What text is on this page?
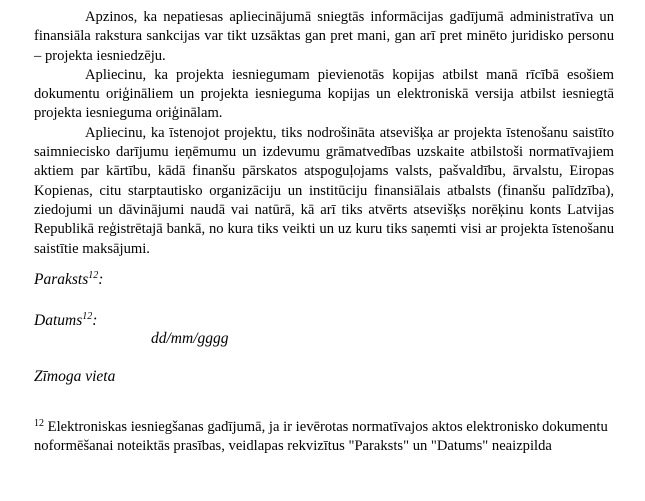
Apzinos, ka nepatiesas apliecinājumā sniegtās informācijas gadījumā administratīva un finansiāla rakstura sankcijas var tikt uzsāktas gan pret mani, gan arī pret minēto juridisko personu – projekta iesniedzēju.

Apliecinu, ka projekta iesniegumam pievienotās kopijas atbilst manā rīcībā esošiem dokumentu oriģināliem un projekta iesnieguma kopijas un elektroniskā versija atbilst iesniegtā projekta iesnieguma oriģinālam.

Apliecinu, ka īstenojot projektu, tiks nodrošināta atsevišķa ar projekta īstenošanu saistīto saimniecisko darījumu ieņēmumu un izdevumu grāmatvedības uzskaite atbilstoši normatīvajiem aktiem par kārtību, kādā finanšu pārskatos atspoguļojams valsts, pašvaldību, ārvalstu, Eiropas Kopienas, citu starptautisko organizāciju un institūciju finansiālais atbalsts (finanšu palīdzība), ziedojumi un dāvinājumi naudā vai natūrā, kā arī tiks atvērts atsevišķs norēķinu konts Latvijas Republikā reģistrētajā bankā, no kura tiks veikti un uz kuru tiks saņemti visi ar projekta īstenošanu saistītie maksājumi.

Paraksts$^{12}$:
Datums$^{12}$:
dd/mm/gggg
Zīmoga vieta
$^{12}$ Elektroniskas iesniegšanas gadījumā, ja ir ievērotas normatīvajos aktos elektronisko dokumentu noformēšanai noteiktās prasības, veidlapas rekvizītus "Paraksts" un "Datums" neaizpilda
